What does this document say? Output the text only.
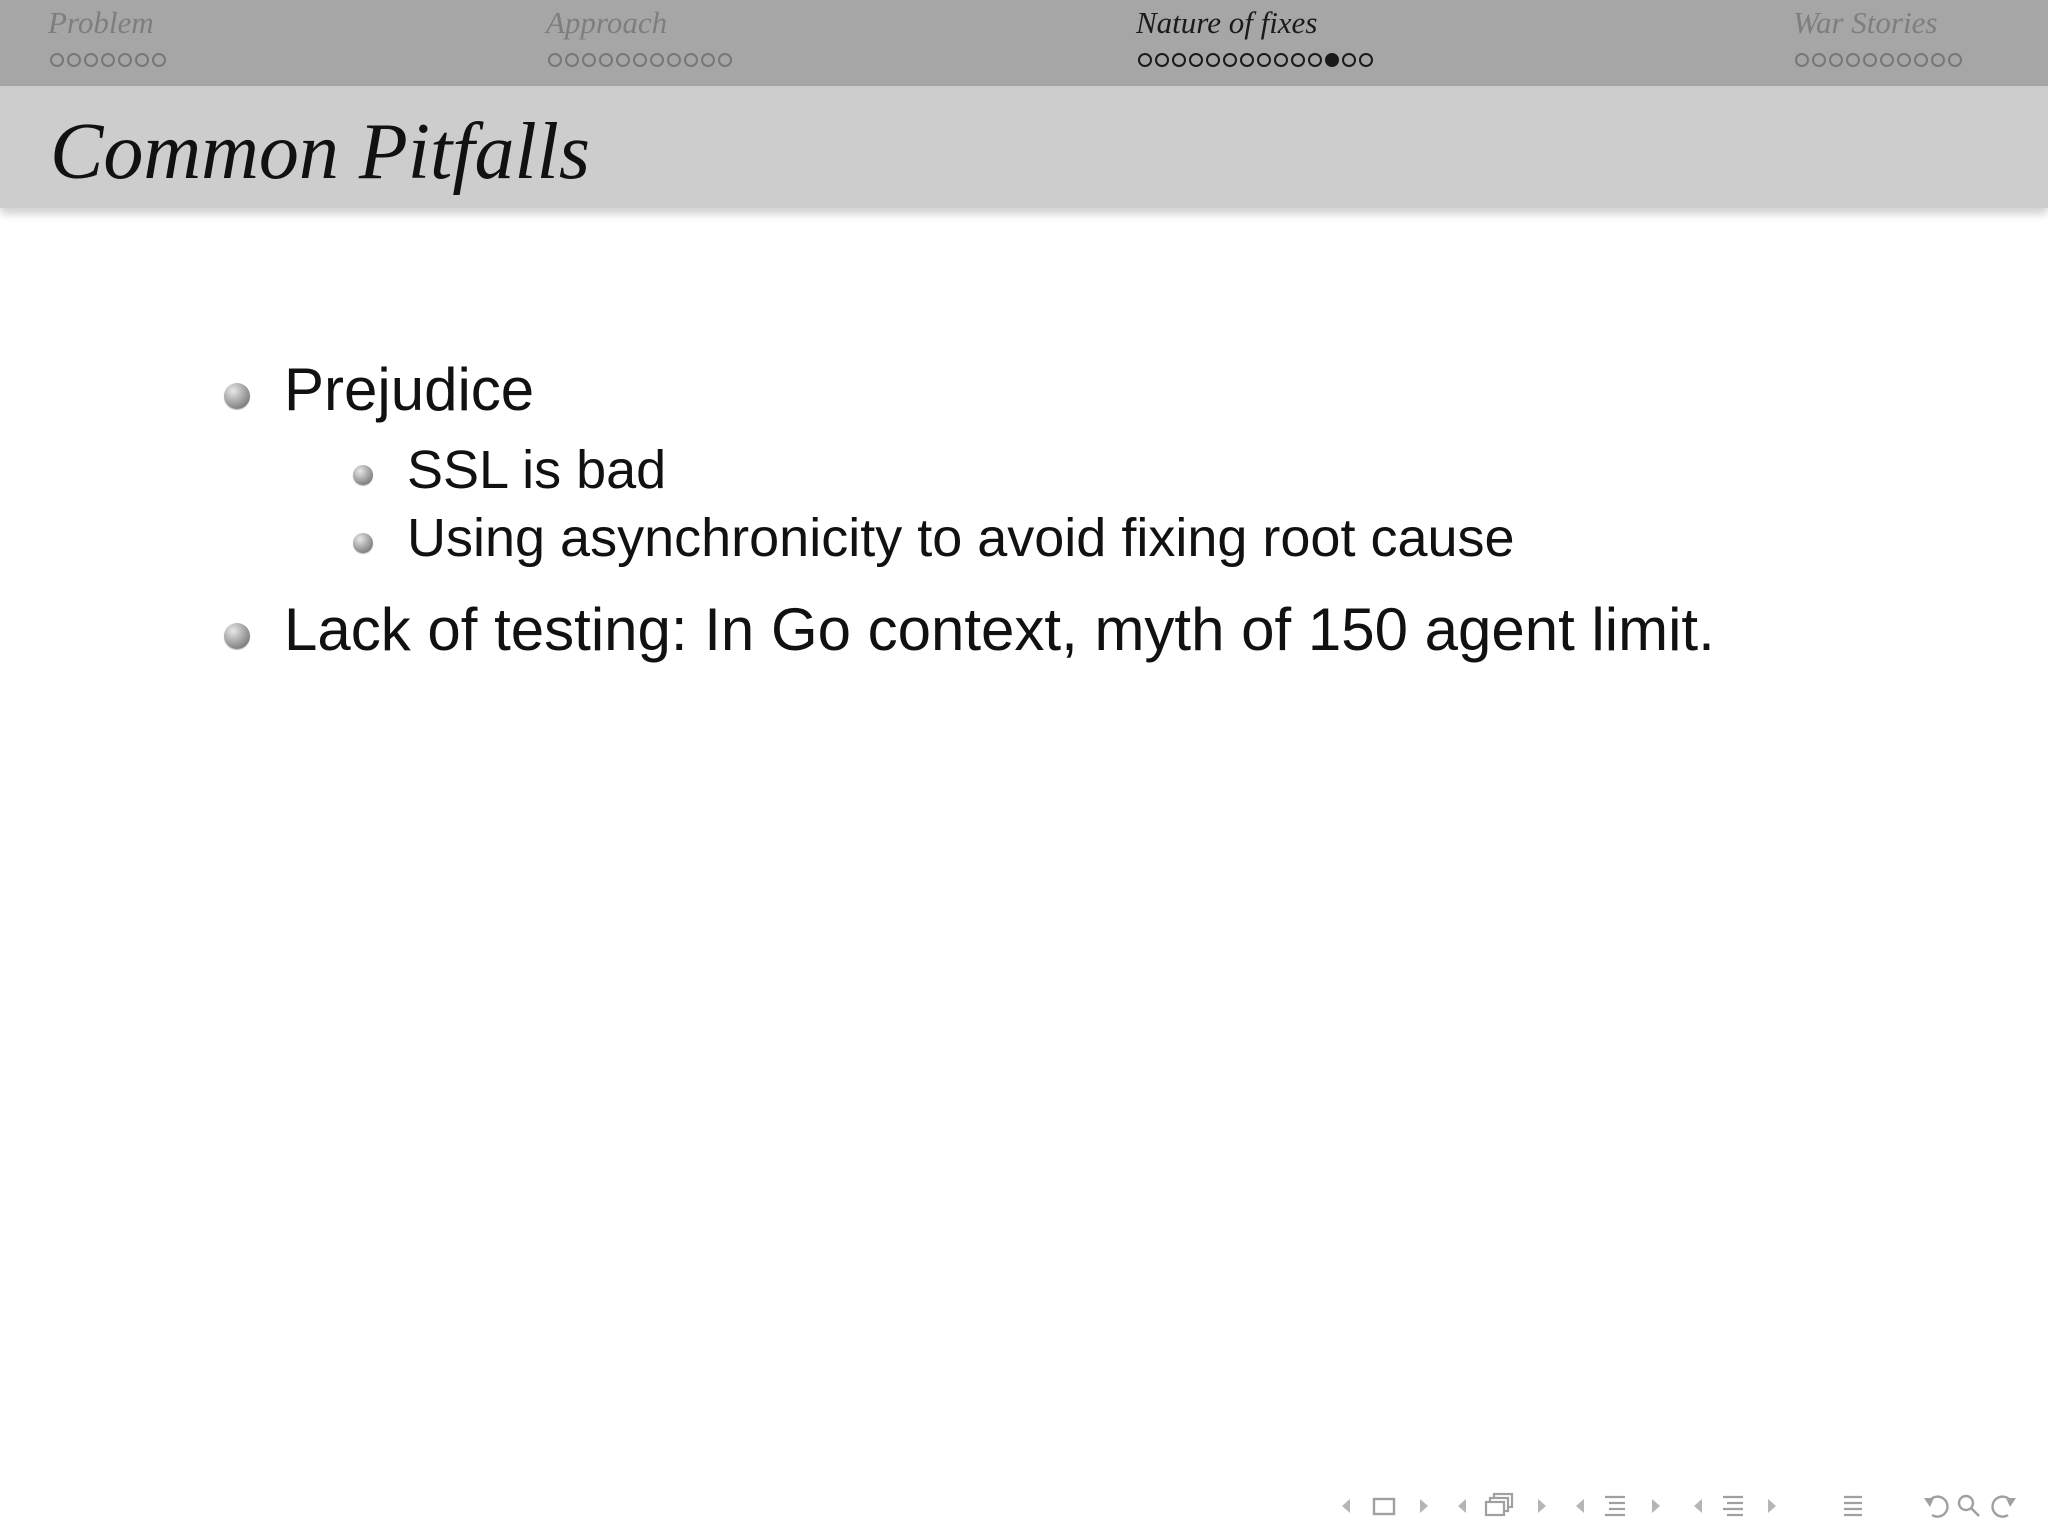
Problem	Approach	Nature of fixes	War Stories
Common Pitfalls
Prejudice
SSL is bad
Using asynchronicity to avoid fixing root cause
Lack of testing: In Go context, myth of 150 agent limit.
